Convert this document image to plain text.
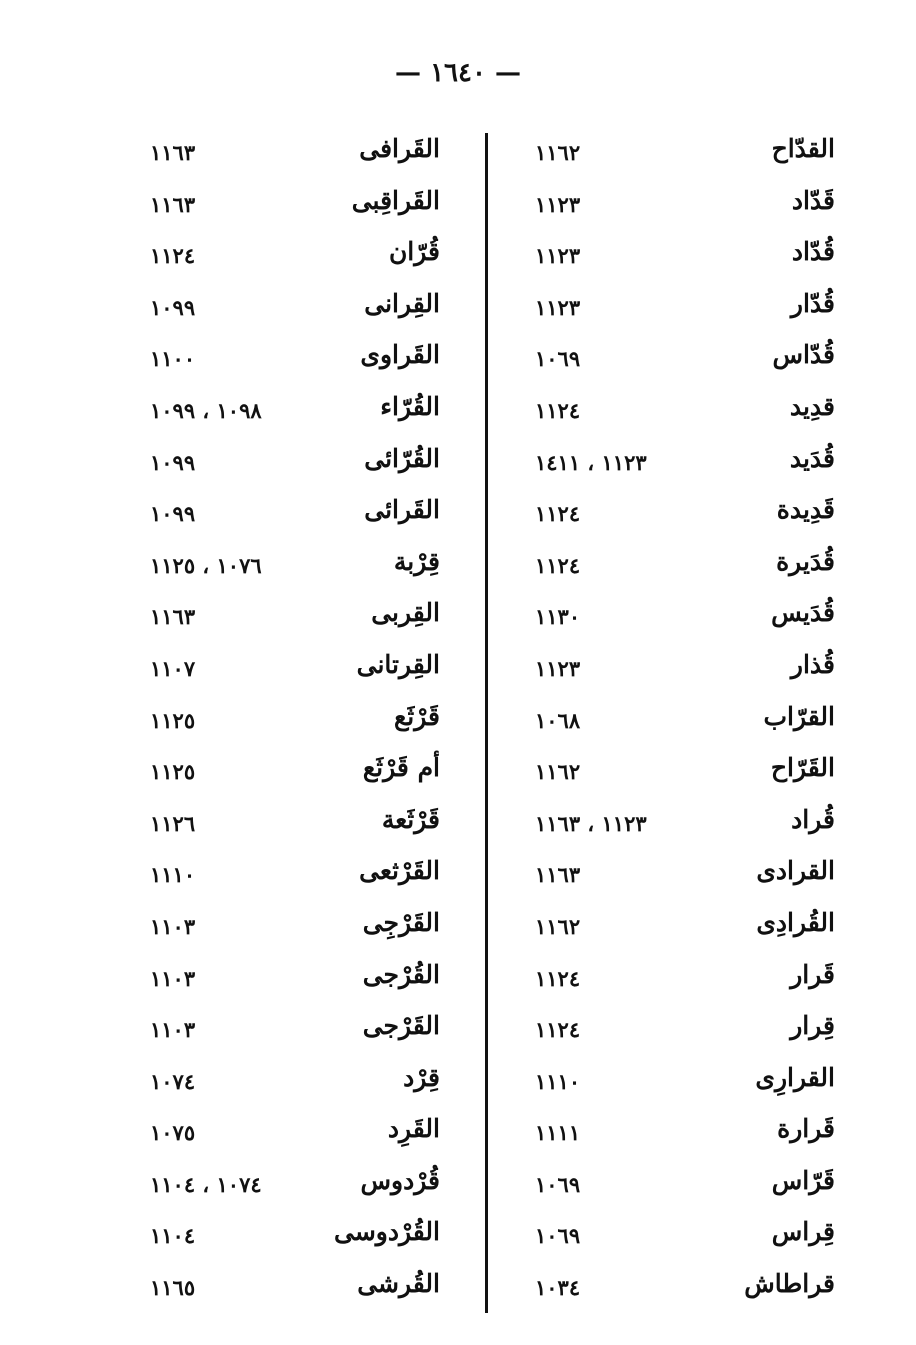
— ١٦٤٠ —
القدّاح
١١٦٢
قَدّاد
١١٢٣
قُدّاد
١١٢٣
قُدّار
١١٢٣
قُدّاس
١٠٦٩
قدِيد
١١٢٤
قُدَيد
١١٢٣ ، ١٤١١
قَدِيدة
١١٢٤
قُدَيرة
١١٢٤
قُدَيس
١١٣٠
قُذار
١١٢٣
القرّاب
١٠٦٨
القَرّاح
١١٦٢
قُراد
١١٢٣ ، ١١٦٣
القرادى
١١٦٣
القُرادِى
١١٦٢
قَرار
١١٢٤
قِرار
١١٢٤
القرارِى
١١١٠
قَرارة
١١١١
قَرّاس
١٠٦٩
قِراس
١٠٦٩
قراطاش
١٠٣٤
القَرافى
١١٦٣
القَراقِبى
١١٦٣
قُرّان
١١٢٤
القِرانى
١٠٩٩
القَراوى
١١٠٠
القُرّاء
١٠٩٨ ، ١٠٩٩
القُرّائى
١٠٩٩
القَرائى
١٠٩٩
قِرْبة
١٠٧٦ ، ١١٢٥
القِربى
١١٦٣
القِرتانى
١١٠٧
قَرْثَع
١١٢٥
أم قَرْثَع
١١٢٥
قَرْثَعة
١١٢٦
القَرْثعى
١١١٠
القَرْجِى
١١٠٣
القُرْجى
١١٠٣
القَرْجى
١١٠٣
قِرْد
١٠٧٤
القَرِد
١٠٧٥
قُرْدوس
١٠٧٤ ، ١١٠٤
القُرْدوسى
١١٠٤
القُرشى
١١٦٥
